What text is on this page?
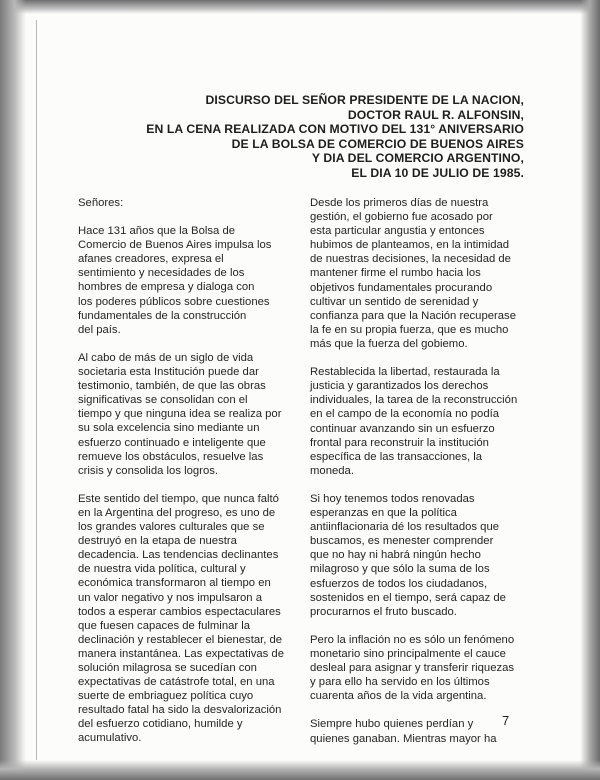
DISCURSO DEL SEÑOR PRESIDENTE DE LA NACION,
DOCTOR RAUL R. ALFONSIN,
EN LA CENA REALIZADA CON MOTIVO DEL 131° ANIVERSARIO
DE LA BOLSA DE COMERCIO DE BUENOS AIRES
Y DIA DEL COMERCIO ARGENTINO,
EL DIA 10 DE JULIO DE 1985.
Señores:
Hace 131 años que la Bolsa de
Comercio de Buenos Aires impulsa los
afanes creadores, expresa el
sentimiento y necesidades de los
hombres de empresa y dialoga con
los poderes públicos sobre cuestiones
fundamentales de la construcción
del país.
Al cabo de más de un siglo de vida
societaria esta Institución puede dar
testimonio, también, de que las obras
significativas se consolidan con el
tiempo y que ninguna idea se realiza por
su sola excelencia sino mediante un
esfuerzo continuado e inteligente que
remueve los obstáculos, resuelve las
crisis y consolida los logros.
Este sentido del tiempo, que nunca faltó
en la Argentina del progreso, es uno de
los grandes valores culturales que se
destruyó en la etapa de nuestra
decadencia. Las tendencias declinantes
de nuestra vida política, cultural y
económica transformaron al tiempo en
un valor negativo y nos impulsaron a
todos a esperar cambios espectaculares
que fuesen capaces de fulminar la
declinación y restablecer el bienestar, de
manera instantánea. Las expectativas de
solución milagrosa se sucedían con
expectativas de catástrofe total, en una
suerte de embriaguez política cuyo
resultado fatal ha sido la desvalorización
del esfuerzo cotidiano, humilde y
acumulativo.
Desde los primeros días de nuestra
gestión, el gobierno fue acosado por
esta particular angustia y entonces
hubimos de planteamos, en la intimidad
de nuestras decisiones, la necesidad de
mantener firme el rumbo hacia los
objetivos fundamentales procurando
cultivar un sentido de serenidad y
confianza para que la Nación recuperase
la fe en su propia fuerza, que es mucho
más que la fuerza del gobiemo.
Restablecida la libertad, restaurada la
justicia y garantizados los derechos
individuales, la tarea de la reconstrucción
en el campo de la economía no podía
continuar avanzando sin un esfuerzo
frontal para reconstruir la institución
específica de las transacciones, la
moneda.
Si hoy tenemos todos renovadas
esperanzas en que la política
antiinflacionaria dé los resultados que
buscamos, es menester comprender
que no hay ni habrá ningún hecho
milagroso y que sólo la suma de los
esfuerzos de todos los ciudadanos,
sostenidos en el tiempo, será capaz de
procurarnos el fruto buscado.
Pero la inflación no es sólo un fenómeno
monetario sino principalmente el cauce
desleal para asignar y transferir riquezas
y para ello ha servido en los últimos
cuarenta años de la vida argentina.
Siempre hubo quienes perdían y
quienes ganaban. Mientras mayor ha
7
